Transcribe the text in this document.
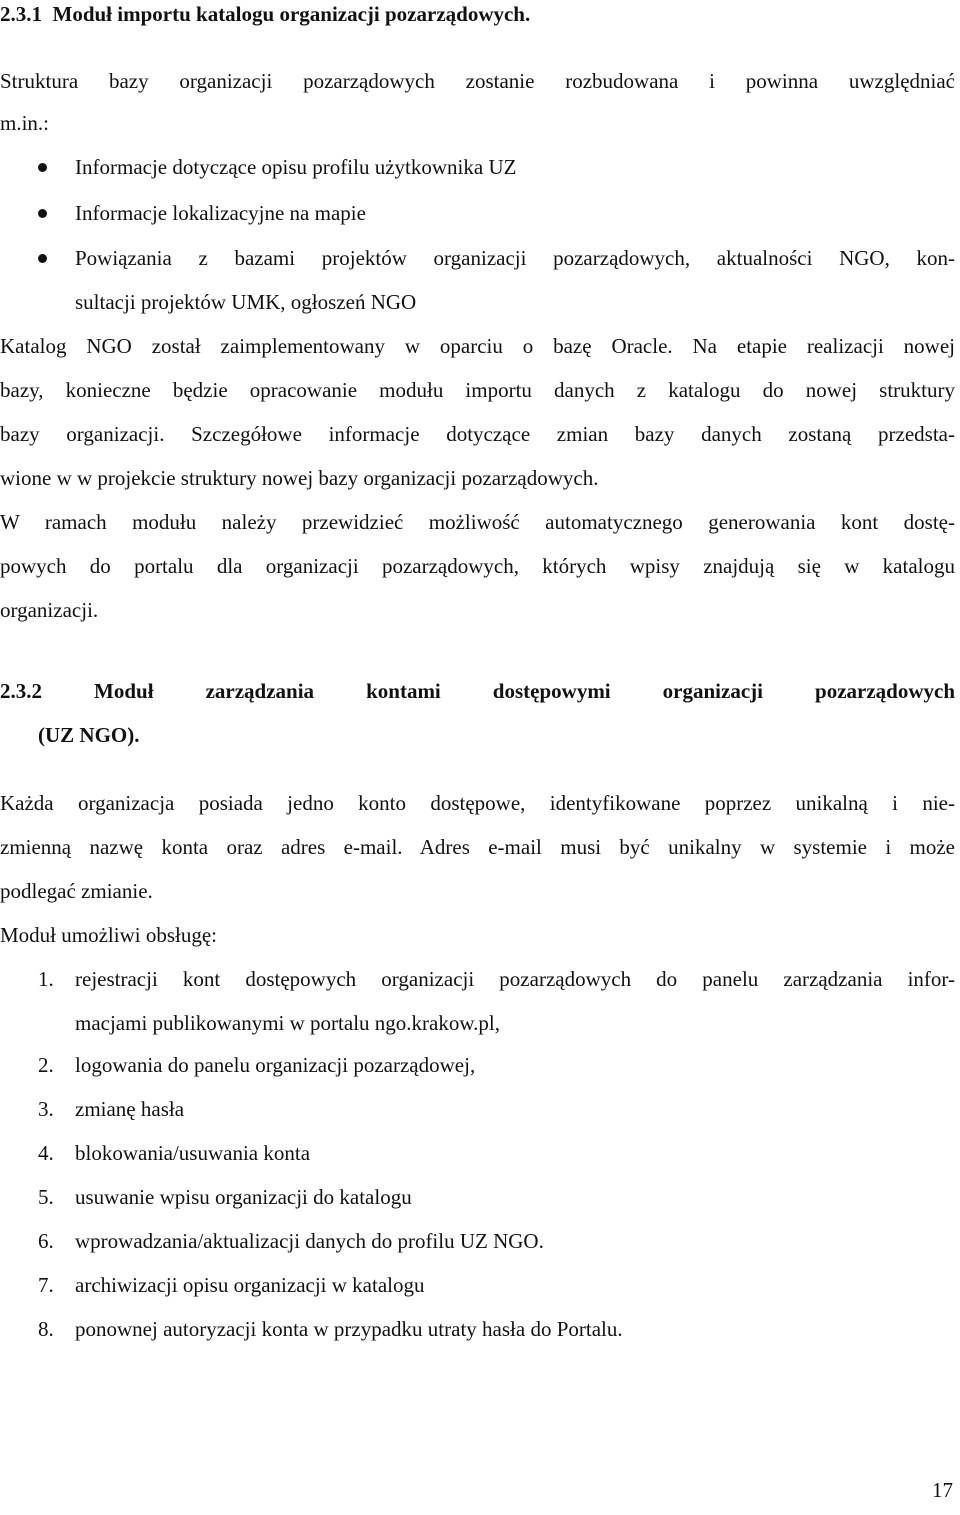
2.3.1 Moduł importu katalogu organizacji pozarządowych.
Struktura bazy organizacji pozarządowych zostanie rozbudowana i powinna uwzględniać
m.in.:
Informacje dotyczące opisu profilu użytkownika UZ
Informacje lokalizacyjne na mapie
Powiązania z bazami projektów organizacji pozarządowych, aktualności NGO, kon-
sultacji projektów UMK, ogłoszeń NGO
Katalog NGO został zaimplementowany w oparciu o bazę Oracle. Na etapie realizacji nowej
bazy, konieczne będzie opracowanie modułu importu danych z katalogu do nowej struktury
bazy organizacji. Szczegółowe informacje dotyczące zmian bazy danych zostaną przedsta-
wione w w projekcie struktury nowej bazy organizacji pozarządowych.
W ramach modułu należy przewidzieć możliwość automatycznego generowania kont dostę-
powych do portalu dla organizacji pozarządowych, których wpisy znajdują się w katalogu
organizacji.
2.3.2 Moduł zarządzania kontami dostępowymi organizacji pozarządowych
(UZ NGO).
Każda organizacja posiada jedno konto dostępowe, identyfikowane poprzez unikalną i nie-
zmienną nazwę konta oraz adres e-mail. Adres e-mail musi być unikalny w systemie i może
podlegać zmianie.
Moduł umożliwi obsługę:
1. rejestracji kont dostępowych organizacji pozarządowych do panelu zarządzania infor-
macjami publikowanymi w portalu ngo.krakow.pl,
2. logowania do panelu organizacji pozarządowej,
3. zmianę hasła
4. blokowania/usuwania konta
5. usuwanie wpisu organizacji do katalogu
6. wprowadzania/aktualizacji danych do profilu UZ NGO.
7. archiwizacji opisu organizacji w katalogu
8. ponownej autoryzacji konta w przypadku utraty hasła do Portalu.
17
